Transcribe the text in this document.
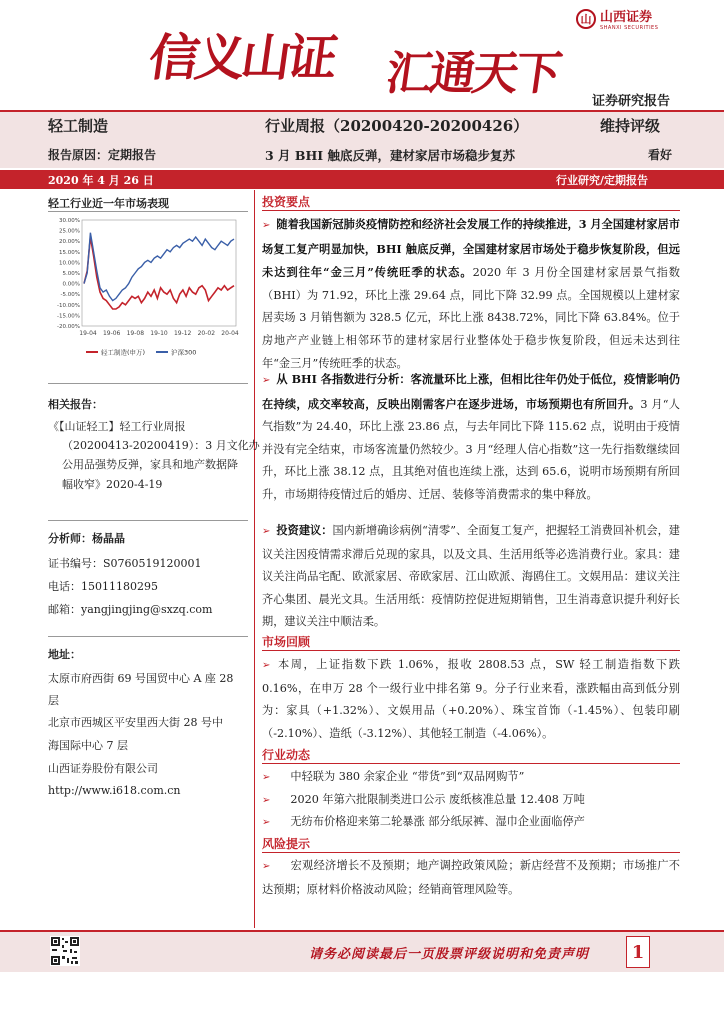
信义山证 汇通天下
山 山西证券
SHANXI SECURITIES
证券研究报告
轻工制造	行业周报（20200420-20200426）	维持评级
报告原因：定期报告	3 月 BHI 触底反弹，建材家居市场稳步复苏	看好
2020 年 4 月 26 日	行业研究/定期报告
轻工行业近一年市场表现
30.00%
25.00%
20.00%
15.00%
10.00%
5.00%
0.00%
-5.00%
-10.00%
-15.00%
-20.00%
19-04 19-06 19-08 19-10 19-12 20-02 20-04
轻工制造(申万)	沪深300
相关报告：
《【山证轻工】轻工行业周报
（20200413-20200419）：3 月文化办
公用品强势反弹，家具和地产数据降
幅收窄》2020-4-19
分析师：杨晶晶
证书编号：S0760519120001
电话：15011180295
邮箱：yangjingjing@sxzq.com
地址：
太原市府西街 69 号国贸中心 A 座 28
层
北京市西城区平安里西大街 28 号中
海国际中心 7 层
山西证券股份有限公司
http://www.i618.com.cn
投资要点
➢ 随着我国新冠肺炎疫情防控和经济社会发展工作的持续推进，3 月全国建材家居市场复工复产明显加快，BHI 触底反弹，全国建材家居市场处于稳步恢复阶段，但远未达到往年“金三月”传统旺季的状态。2020 年 3 月份全国建材家居景气指数（BHI）为 71.92，环比上涨 29.64 点，同比下降 32.99 点。全国规模以上建材家居卖场 3 月销售额为 328.5 亿元，环比上涨 8438.72%，同比下降 63.84%。位于房地产产业链上相邻环节的建材家居行业整体处于稳步恢复阶段，但远未达到往年“金三月”传统旺季的状态。
➢ 从 BHI 各指数进行分析：客流量环比上涨，但相比往年仍处于低位，疫情影响仍在持续，成交率较高，反映出刚需客户在逐步进场，市场预期也有所回升。3 月“人气指数”为 24.40，环比上涨 23.86 点，与去年同比下降 115.62 点，说明由于疫情并没有完全结束，市场客流量仍然较少。3 月“经理人信心指数”这一先行指数继续回升，环比上涨 38.12 点，且其绝对值也连续上涨，达到 65.6，说明市场预期有所回升，市场期待疫情过后的婚房、迁居、装修等消费需求的集中释放。
➢ 投资建议：国内新增确诊病例“清零”、全面复工复产，把握轻工消费回补机会，建议关注因疫情需求滞后兑现的家具，以及文具、生活用纸等必选消费行业。家具：建议关注尚品宅配、欧派家居、帝欧家居、江山欧派、海鸥住工。文娱用品：建议关注齐心集团、晨光文具。生活用纸：疫情防控促进短期销售，卫生消毒意识提升利好长期，建议关注中顺洁柔。
市场回顾
➢ 本周，上证指数下跌 1.06%，报收 2808.53 点，SW 轻工制造指数下跌 0.16%，在申万 28 个一级行业中排名第 9。分子行业来看，涨跌幅由高到低分别为：家具（+1.32%）、文娱用品（+0.20%）、珠宝首饰（-1.45%）、包装印刷（-2.10%）、造纸（-3.12%）、其他轻工制造（-4.06%）。
行业动态
➢ 中轻联为 380 余家企业 “带货”到“双品网购节”
➢ 2020 年第六批限制类进口公示 废纸核准总量 12.408 万吨
➢ 无纺布价格迎来第二轮暴涨 部分纸尿裤、湿巾企业面临停产
风险提示
➢ 宏观经济增长不及预期；地产调控政策风险；新店经营不及预期；市场推广不达预期；原材料价格波动风险；经销商管理风险等。
请务必阅读最后一页股票评级说明和免责声明	1
